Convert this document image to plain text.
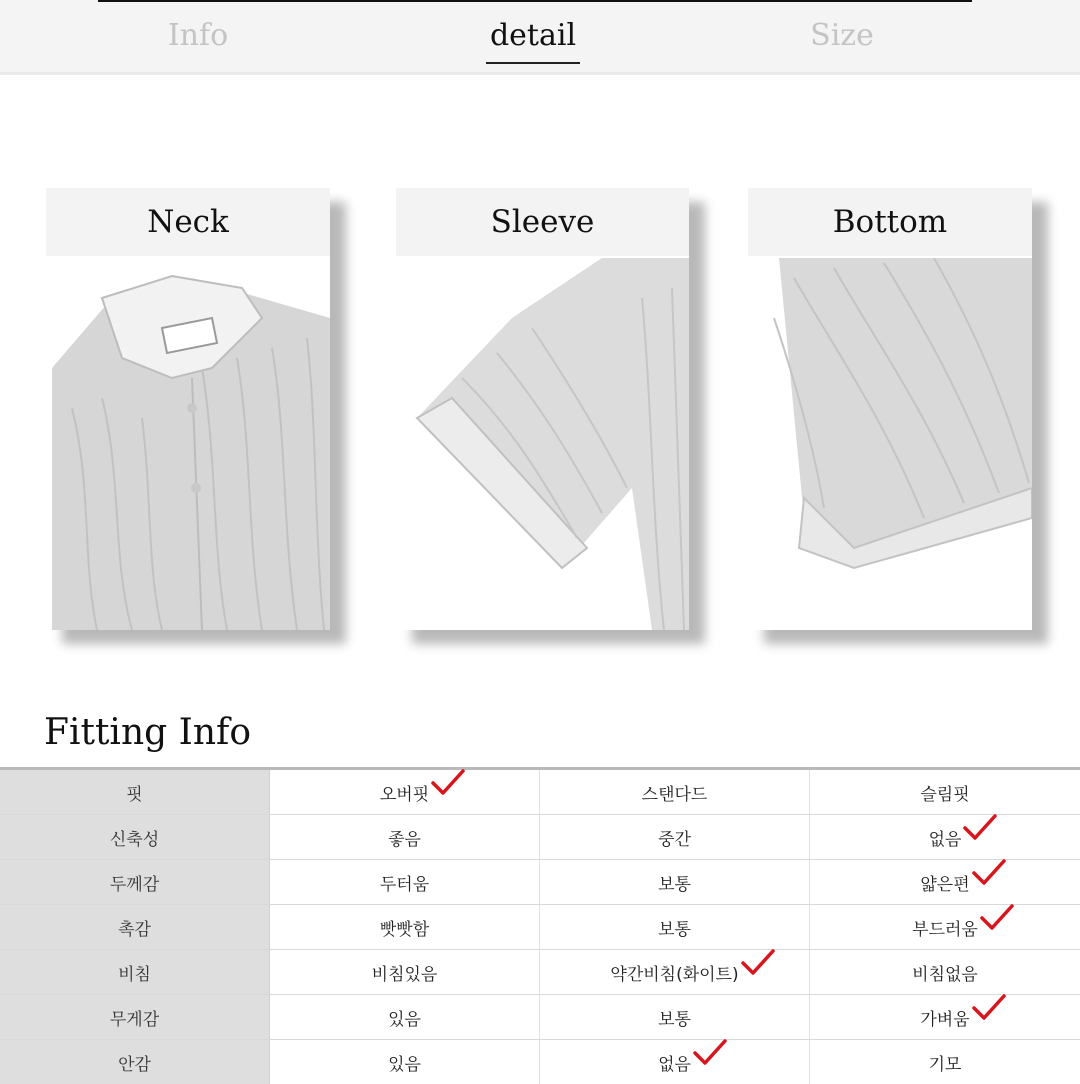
Info	detail	Size
Neck	Sleeve	Bottom
Fitting Info
핏	오버핏	스탠다드	슬림핏
신축성	좋음	중간	없음
두께감	두터움	보통	얇은편
촉감	빳빳함	보통	부드러움
비침	비침있음	약간비침(화이트)	비침없음
무게감	있음	보통	가벼움
안감	있음	없음	기모
